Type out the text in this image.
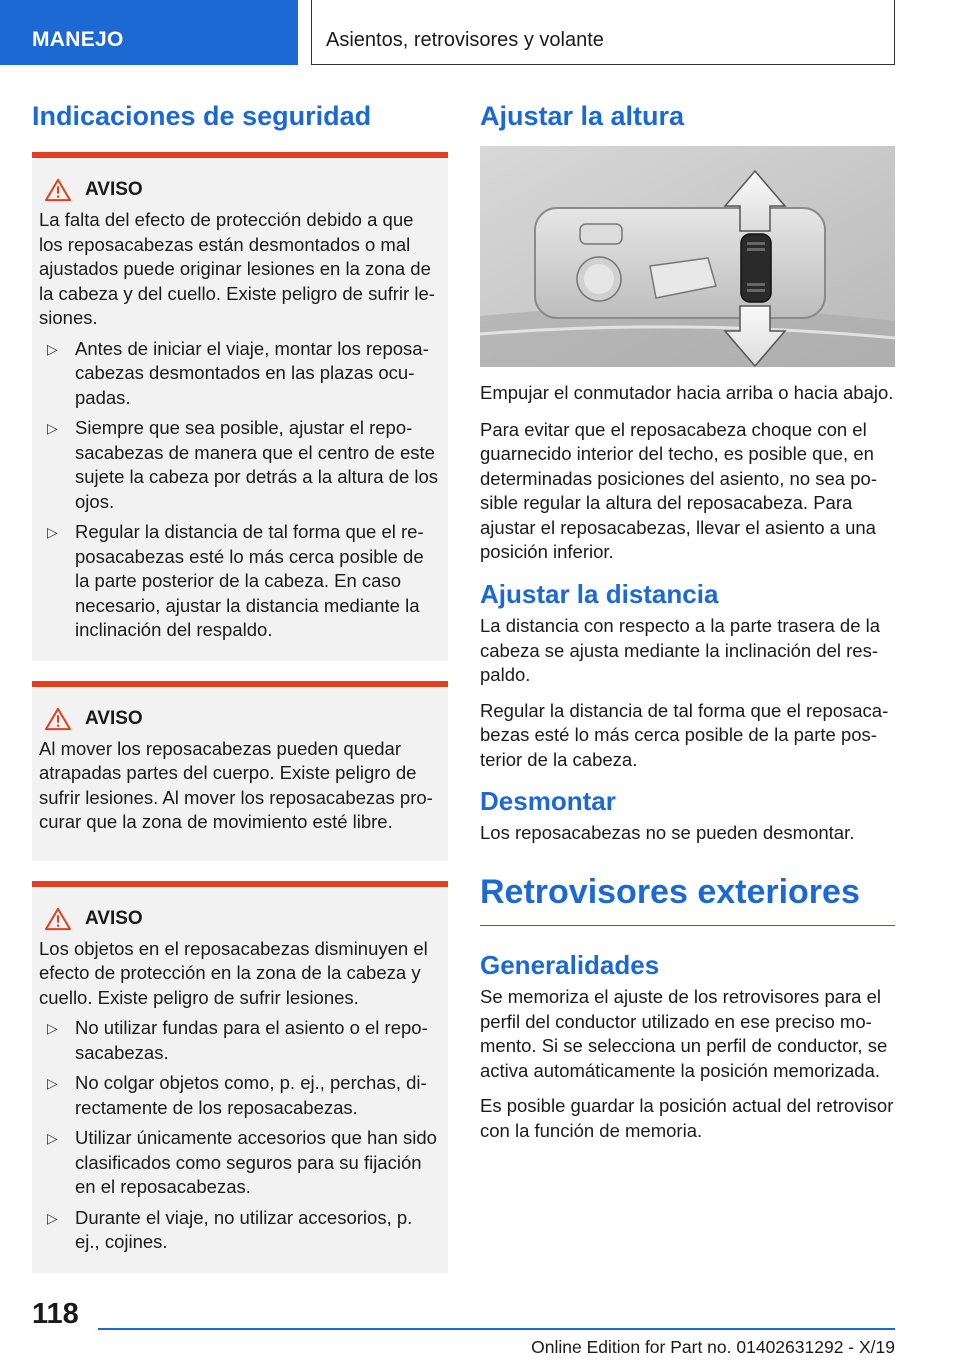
MANEJO	Asientos, retrovisores y volante
Indicaciones de seguridad
AVISO

La falta del efecto de protección debido a que los reposacabezas están desmontados o mal ajustados puede originar lesiones en la zona de la cabeza y del cuello. Existe peligro de sufrir lesiones.

▷ Antes de iniciar el viaje, montar los reposacabezas desmontados en las plazas ocupadas.
▷ Siempre que sea posible, ajustar el reposacabezas de manera que el centro de este sujete la cabeza por detrás a la altura de los ojos.
▷ Regular la distancia de tal forma que el reposacabezas esté lo más cerca posible de la parte posterior de la cabeza. En caso necesario, ajustar la distancia mediante la inclinación del respaldo.
AVISO

Al mover los reposacabezas pueden quedar atrapadas partes del cuerpo. Existe peligro de sufrir lesiones. Al mover los reposacabezas procurar que la zona de movimiento esté libre.

AVISO

Los objetos en el reposacabezas disminuyen el efecto de protección en la zona de la cabeza y cuello. Existe peligro de sufrir lesiones.

▷ No utilizar fundas para el asiento o el reposacabezas.
▷ No colgar objetos como, p. ej., perchas, directamente de los reposacabezas.
▷ Utilizar únicamente accesorios que han sido clasificados como seguros para su fijación en el reposacabezas.
▷ Durante el viaje, no utilizar accesorios, p. ej., cojines.
Ajustar la altura

Empujar el conmutador hacia arriba o hacia abajo.

Para evitar que el reposacabeza choque con el guarnecido interior del techo, es posible que, en determinadas posiciones del asiento, no sea posible regular la altura del reposacabeza. Para ajustar el reposacabezas, llevar el asiento a una posición inferior.

Ajustar la distancia

La distancia con respecto a la parte trasera de la cabeza se ajusta mediante la inclinación del respaldo.

Regular la distancia de tal forma que el reposacabezas esté lo más cerca posible de la parte posterior de la cabeza.

Desmontar

Los reposacabezas no se pueden desmontar.

Retrovisores exteriores
Generalidades

Se memoriza el ajuste de los retrovisores para el perfil del conductor utilizado en ese preciso momento. Si se selecciona un perfil de conductor, se activa automáticamente la posición memorizada.

Es posible guardar la posición actual del retrovisor con la función de memoria.

118
Online Edition for Part no. 01402631292 - X/19
